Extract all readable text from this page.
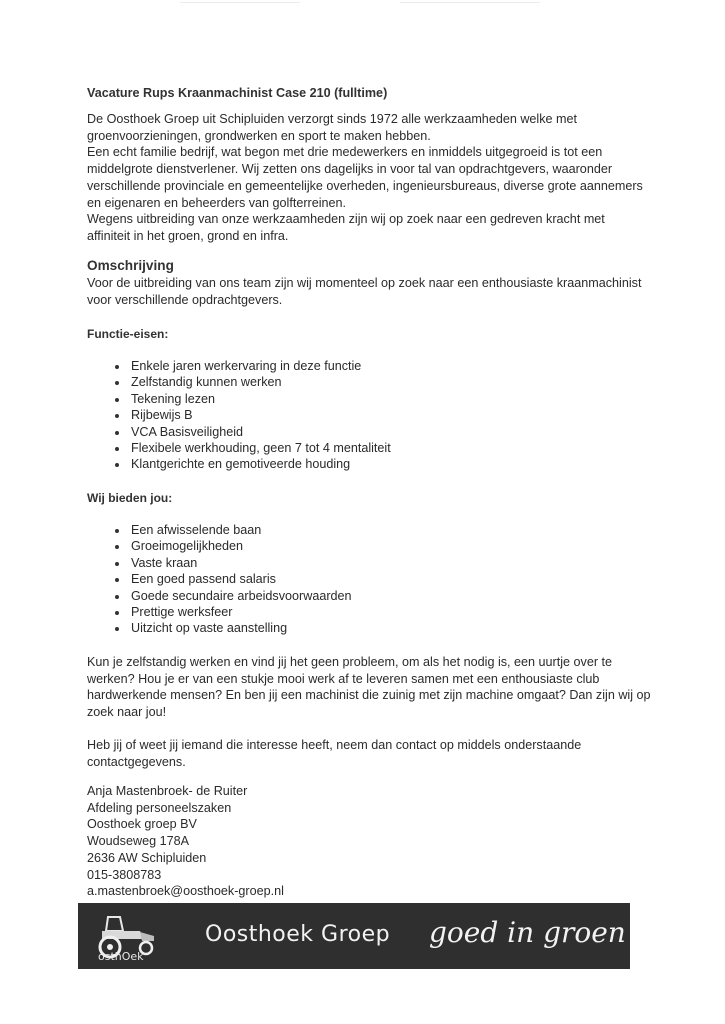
Vacature Rups Kraanmachinist Case 210 (fulltime)

De Oosthoek Groep uit Schipluiden verzorgt sinds 1972 alle werkzaamheden welke met
groenvoorzieningen, grondwerken en sport te maken hebben.
Een echt familie bedrijf, wat begon met drie medewerkers en inmiddels uitgegroeid is tot een
middelgrote dienstverlener. Wij zetten ons dagelijks in voor tal van opdrachtgevers, waaronder
verschillende provinciale en gemeentelijke overheden, ingenieursbureaus, diverse grote aannemers
en eigenaren en beheerders van golfterreinen.
Wegens uitbreiding van onze werkzaamheden zijn wij op zoek naar een gedreven kracht met
affiniteit in het groen, grond en infra.

Omschrijving

Voor de uitbreiding van ons team zijn wij momenteel op zoek naar een enthousiaste kraanmachinist
voor verschillende opdrachtgevers.

Functie-eisen:
Enkele jaren werkervaring in deze functie
Zelfstandig kunnen werken
Tekening lezen
Rijbewijs B
VCA Basisveiligheid
Flexibele werkhouding, geen 7 tot 4 mentaliteit
Klantgerichte en gemotiveerde houding
Wij bieden jou:
Een afwisselende baan
Groeimogelijkheden
Vaste kraan
Een goed passend salaris
Goede secundaire arbeidsvoorwaarden
Prettige werksfeer
Uitzicht op vaste aanstelling

Kun je zelfstandig werken en vind jij het geen probleem, om als het nodig is, een uurtje over te
werken? Hou je er van een stukje mooi werk af te leveren samen met een enthousiaste club
hardwerkende mensen? En ben jij een machinist die zuinig met zijn machine omgaat? Dan zijn wij op
zoek naar jou!

Heb jij of weet jij iemand die interesse heeft, neem dan contact op middels onderstaande
contactgegevens.

Anja Mastenbroek- de Ruiter
Afdeling personeelszaken
Oosthoek groep BV
Woudseweg 178A
2636 AW Schipluiden
015-3808783
a.mastenbroek@oosthoek-groep.nl

osthOek
Oosthoek Groep goed in groen
